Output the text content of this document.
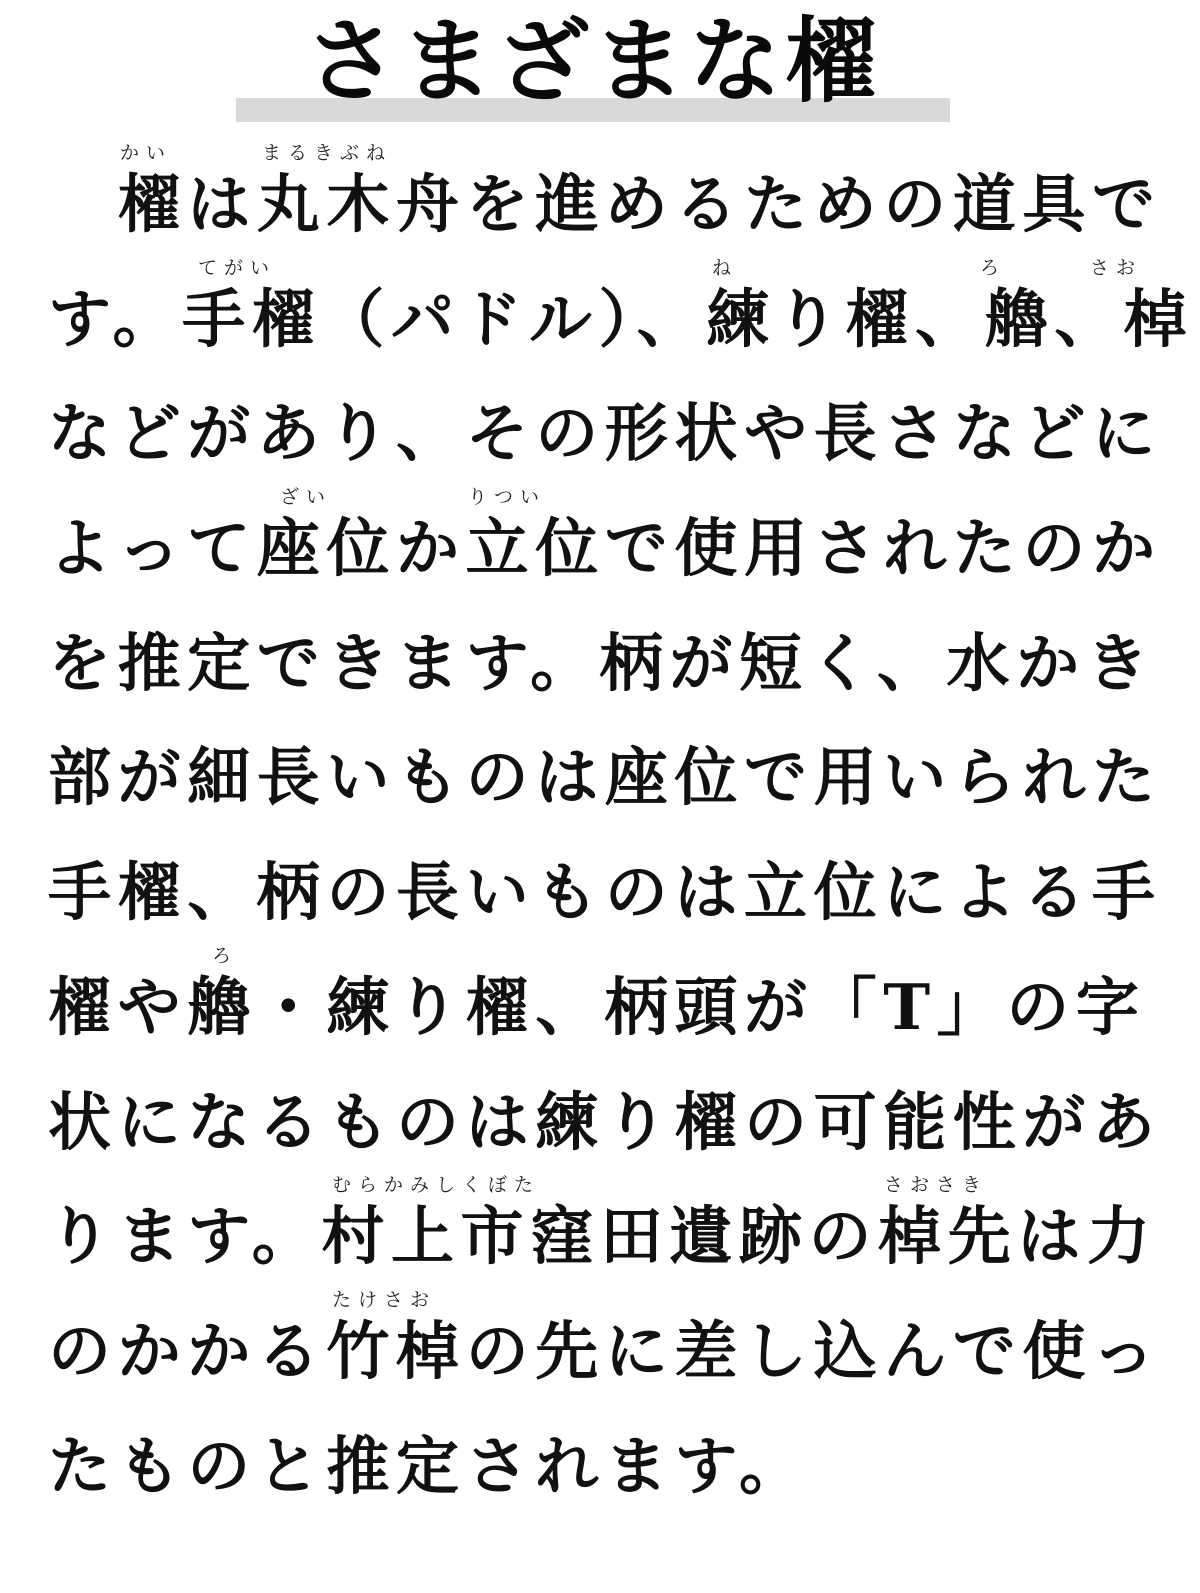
さまざまな櫂
かい	まるきぶね
　櫂は丸木舟を進めるための道具で
てがい	ね	ろ	さお
す。手櫂（パドル）、練り櫂、艪、棹
などがあり、その形状や長さなどに
ざい	りつい
よって座位か立位で使用されたのか
を推定できます。柄が短く、水かき
部が細長いものは座位で用いられた
手櫂、柄の長いものは立位による手
ろ
櫂や艪・練り櫂、柄頭が「T」の字
状になるものは練り櫂の可能性があ
むらかみしくぼた	さおさき
ります。村上市窪田遺跡の棹先は力
たけさお
のかかる竹棹の先に差し込んで使っ
たものと推定されます。
